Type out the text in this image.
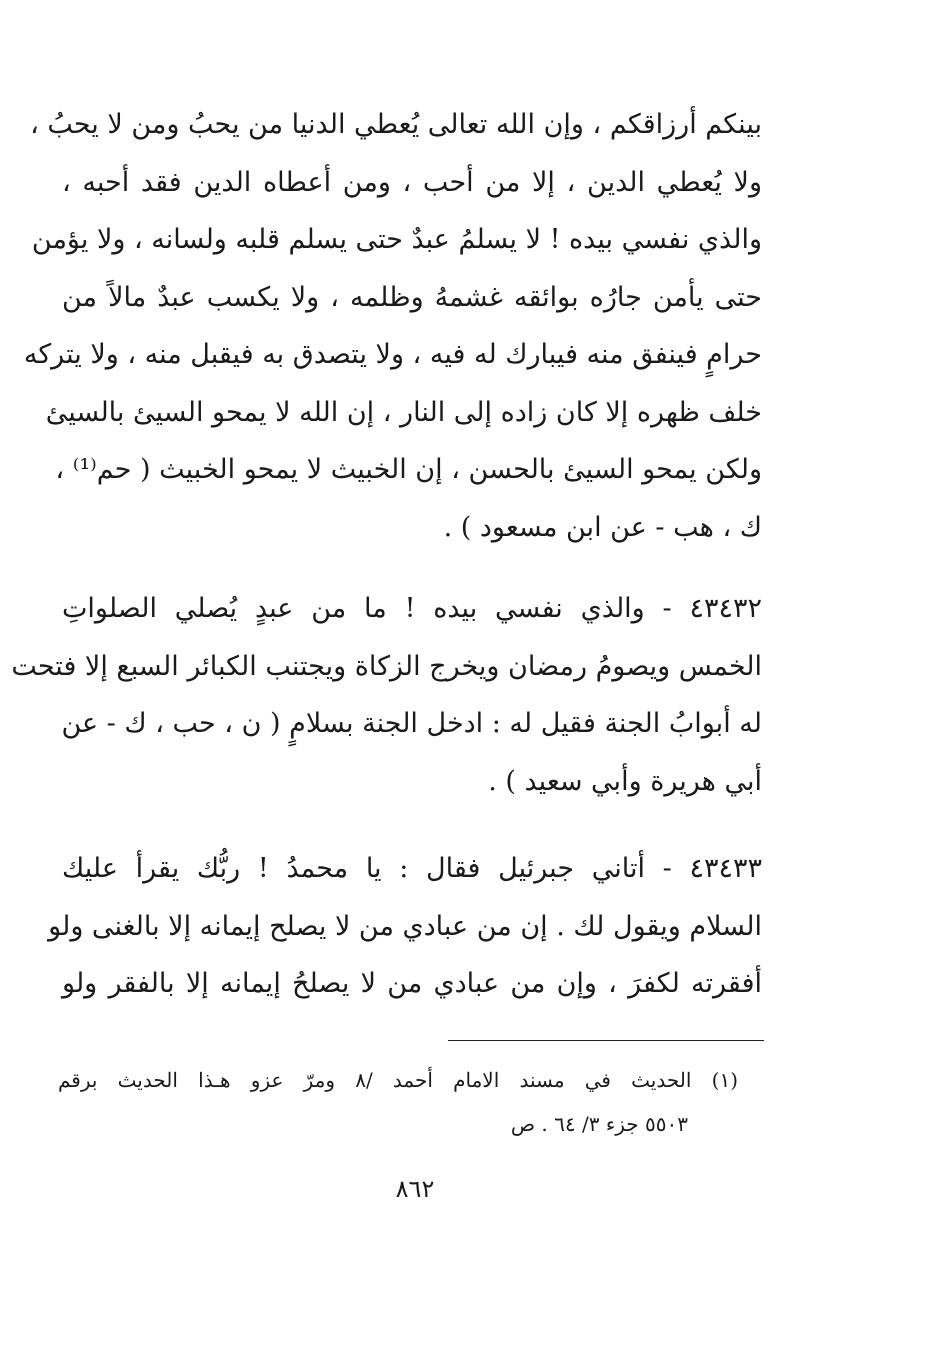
بينكم أرزاقكم ، وإن الله تعالى يُعطي الدنيا من يحبُ ومن لا يحبُ ،
ولا يُعطي الدين ، إلا من أحب ، ومن أعطاه الدين فقد أحبه ،
والذي نفسي بيده ! لا يسلمُ عبدٌ حتى يسلم قلبه ولسانه ، ولا يؤمن
حتى يأمن جارُه بوائقه غشمهُ وظلمه ، ولا يكسب عبدٌ مالاً من
حرامٍ فينفق منه فيبارك له فيه ، ولا يتصدق به فيقبل منه ، ولا يتركه
خلف ظهره إلا كان زاده إلى النار ، إن الله لا يمحو السيئ بالسيئ
ولكن يمحو السيئ بالحسن ، إن الخبيث لا يمحو الخبيث ( حم⁽¹⁾ ،
ك ، هب - عن ابن مسعود ) .
٤٣٤٣٢ - والذي نفسي بيده ! ما من عبدٍ يُصلي الصلواتِ
الخمس ويصومُ رمضان ويخرج الزكاة ويجتنب الكبائر السبع إلا فتحت
له أبوابُ الجنة فقيل له : ادخل الجنة بسلامٍ ( ن ، حب ، ك - عن
أبي هريرة وأبي سعيد ) .
٤٣٤٣٣ - أتاني جبرئيل فقال : يا محمدُ ! ربُّك يقرأ عليك
السلام ويقول لك . إن من عبادي من لا يصلح إيمانه إلا بالغنى ولو
أفقرته لكفرَ ، وإن من عبادي من لا يصلحُ إيمانه إلا بالفقر ولو
(١) الحديث في مسند الامام أحمد /٨ ومرّ عزو هـذا الحديث برقم
٥٥٠٣ جزء ٣/ ٦٤ . ص
٨٦٢
